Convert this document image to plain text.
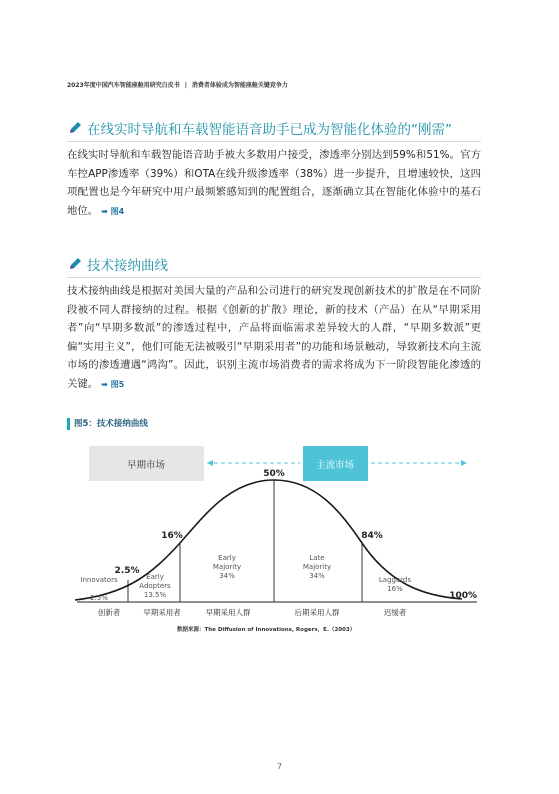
2023年度中国汽车智能座舱用研究白皮书 | 消费者体验成为智能座舱关键竞争力
在线实时导航和车载智能语音助手已成为智能化体验的“刚需”
在线实时导航和车载智能语音助手被大多数用户接受，渗透率分别达到59%和51%。官方车控APP渗透率（39%）和OTA在线升级渗透率（38%）进一步提升，且增速较快，这四项配置也是今年研究中用户最频繁感知到的配置组合，逐渐确立其在智能化体验中的基石地位。 ➡ 图4
技术接纳曲线
技术接纳曲线是根据对美国大量的产品和公司进行的研究发现创新技术的扩散是在不同阶段被不同人群接纳的过程。根据《创新的扩散》理论，新的技术（产品）在从“早期采用者”向“早期多数派”的渗透过程中，产品将面临需求差异较大的人群，“早期多数派”更偏“实用主义”，他们可能无法被吸引“早期采用者”的功能和场景触动，导致新技术向主流市场的渗透遭遇“鸿沟”。因此，识别主流市场消费者的需求将成为下一阶段智能化渗透的关键。 ➡ 图5
图5：技术接纳曲线
早期市场	主流市场
2.5%
16%
50%
84%
100%
Innovators
2.5%
Early
Adopters
13.5%
Early
Majority
34%
Late
Majority
34%	Laggards
16%
创新者	早期采用者	早期采用人群	后期采用人群	迟缓者
数据来源：The Diffusion of Innovations, Rogers，E.（2003）
7
